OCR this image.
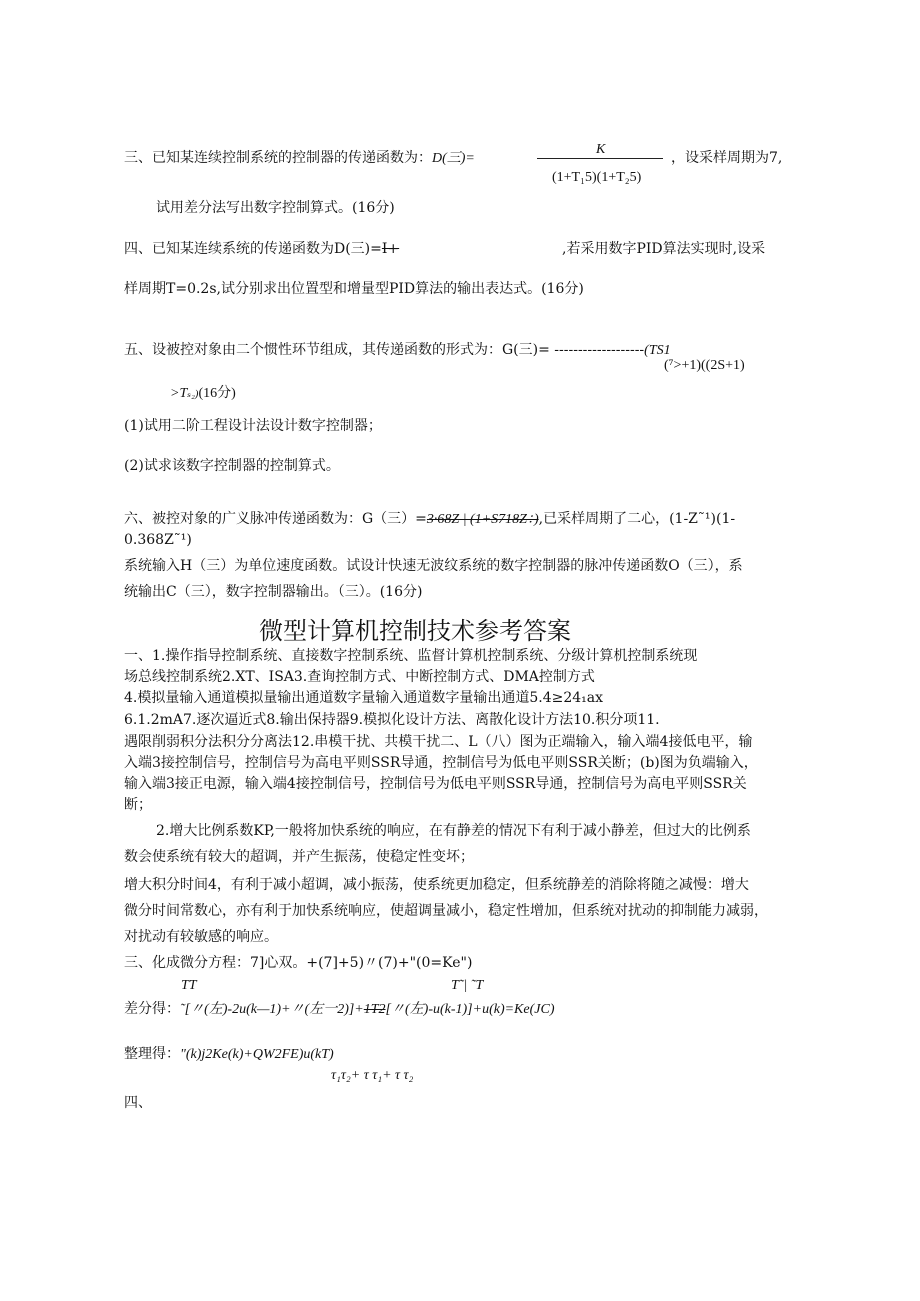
三、已知某连续控制系统的控制器的传递函数为：D(三)=
K
(1+T₁5)(1+T₂5)
，设采样周期为7,
试用差分法写出数字控制算式。(16分)
四、已知某连续系统的传递函数为D(三)=I+	,若采用数字PID算法实现时,设采
样周期T=0.2s,试分别求出位置型和增量型PID算法的输出表达式。(16分)
五、设被控对象由二个惯性环节组成，其传递函数的形式为：G(三)= -------------------(TS1
(⁷>+1)((2S+1)
>Tₛ₂)(16分)
(1)试用二阶工程设计法设计数字控制器；
(2)试求该数字控制器的控制算式。
六、被控对象的广义脉冲传递函数为：G（三）=3·68Z | (1+S718Z：),已采样周期了二心，(1-Z˜¹)(1-
0.368Z˜¹)
系统输入H（三）为单位速度函数。试设计快速无波纹系统的数字控制器的脉冲传递函数O（三），系
统输出C（三），数字控制器输出。（三）。(16分)
微型计算机控制技术参考答案
一、1.操作指导控制系统、直接数字控制系统、监督计算机控制系统、分级计算机控制系统现
场总线控制系统2.XT、ISA3.查询控制方式、中断控制方式、DMA控制方式
4.模拟量输入通道模拟量输出通道数字量输入通道数字量输出通道5.4≥24₁ax
6.1.2mA7.逐次逼近式8.输出保持器9.模拟化设计方法、离散化设计方法10.积分项11.
遇限削弱积分法积分分离法12.串模干扰、共模干扰二、L（八）图为正端输入，输入端4接低电平，输
入端3接控制信号，控制信号为高电平则SSR导通，控制信号为低电平则SSR关断；(b)图为负端输入，
输入端3接正电源，输入端4接控制信号，控制信号为低电平则SSR导通，控制信号为高电平则SSR关
断；
2.增大比例系数KP,一般将加快系统的响应，在有静差的情况下有利于减小静差，但过大的比例系
数会使系统有较大的超调，并产生振荡，使稳定性变坏；
增大积分时间4，有利于减小超调，减小振荡，使系统更加稳定，但系统静差的消除将随之减慢：增大
微分时间常数心，亦有利于加快系统响应，使超调量减小，稳定性增加，但系统对扰动的抑制能力减弱，
对扰动有较敏感的响应。
三、化成微分方程：7]心双。+(7]+5)〃(7)+"(0=Ke")
TT	T˜| ˜T
差分得：˜[〃(左)-2u(k—1)+〃(左一2)]+1T2[〃(左)-u(k-1)]+u(k)=Ke(JC)
整理得："(k)j2Ke(k)+QW2FE)u(kT)
τ₁τ₂+ τ τ₁+ τ τ₂
四、
